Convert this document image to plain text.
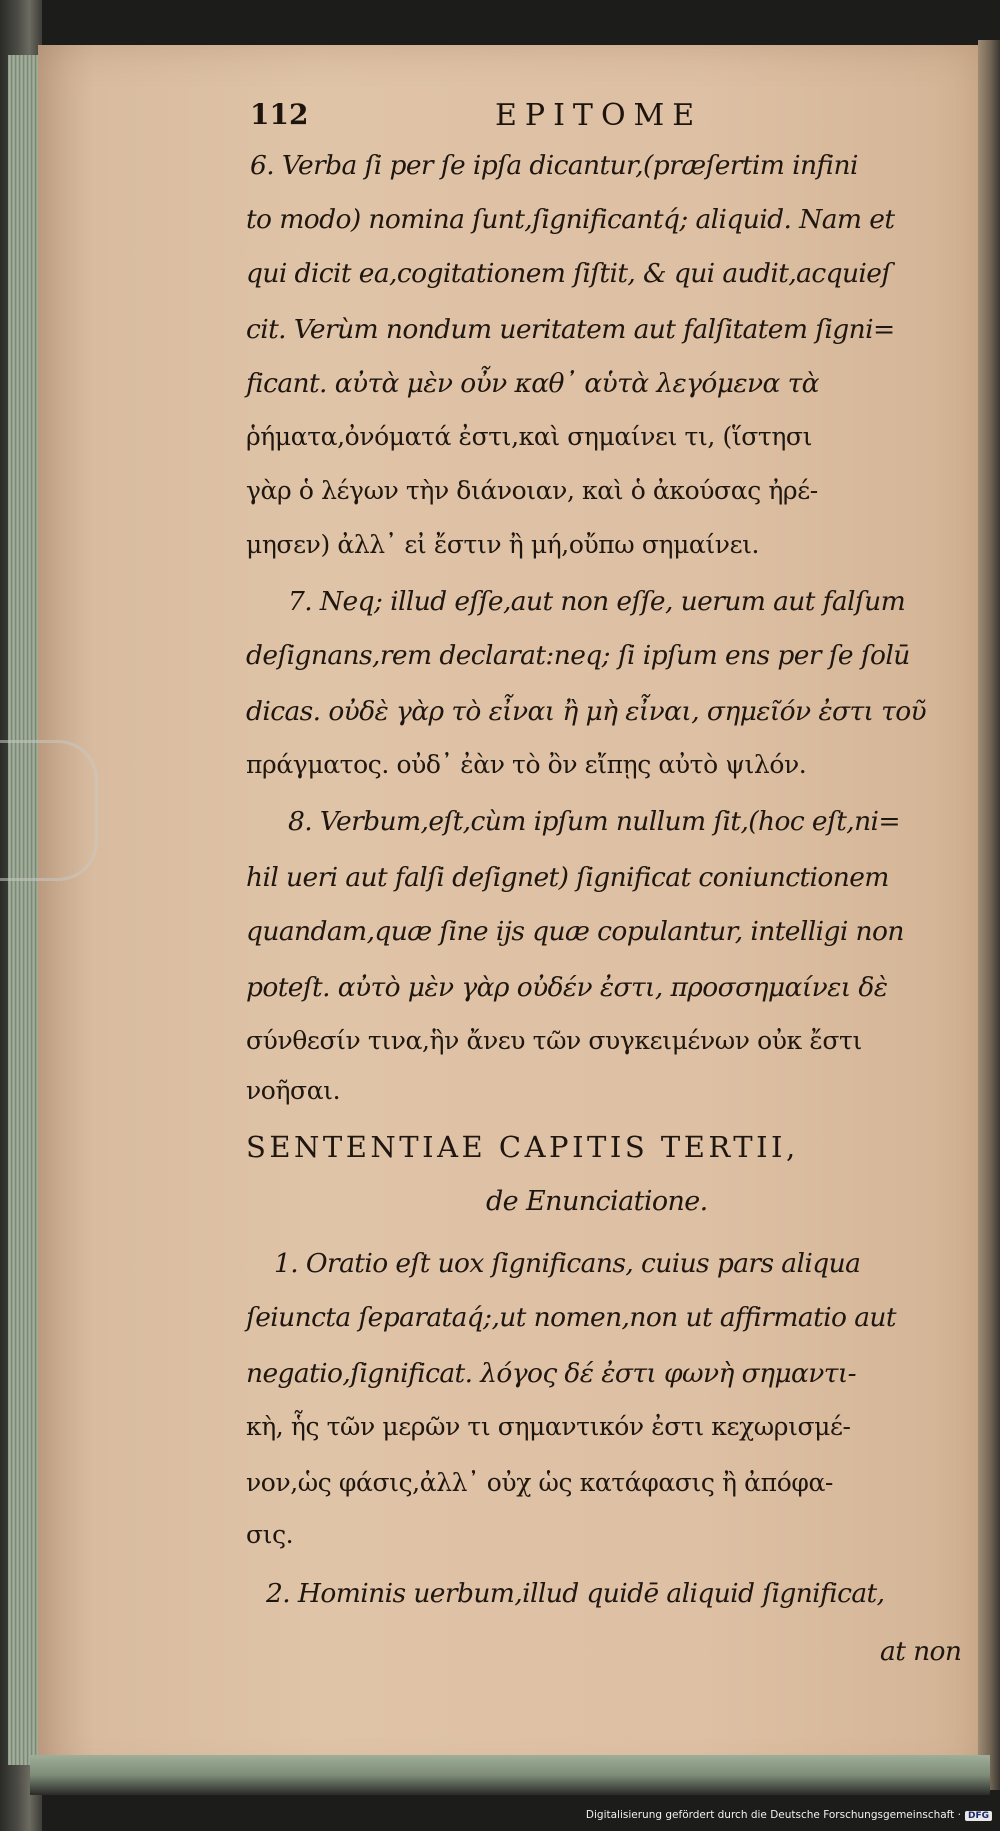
112	EPITOME
6. Verba ſi per ſe ipſa dicantur,(præſertim infini
to modo) nomina ſunt,ſignificantq́; aliquid. Nam et
qui dicit ea,cogitationem ſiſtit, & qui audit,acquieſ
cit. Verùm nondum ueritatem aut falſitatem ſigni=
ficant. αὐτὰ μὲν οὖν καθ᾽ αὑτὰ λεγόμενα τὰ
ῥήματα,ὀνόματά ἐστι,καὶ σημαίνει τι, (ἵστησι
γὰρ ὁ λέγων τὴν διάνοιαν, καὶ ὁ ἀκούσας ἠρέ-
μησεν) ἀλλ᾽ εἰ ἔστιν ἢ μή,οὔπω σημαίνει.
7. Neq; illud eſſe,aut non eſſe, uerum aut falſum
deſignans,rem declarat:neq; ſi ipſum ens per ſe ſolū
dicas. οὐδὲ γὰρ τὸ εἶναι ἢ μὴ εἶναι, σημεῖόν ἐστι τοῦ
πράγματος. οὐδ᾽ ἐὰν τὸ ὂν εἴπῃς αὐτὸ ψιλόν.
8. Verbum,eſt,cùm ipſum nullum ſit,(hoc eſt,ni=
hil ueri aut falſi deſignet) ſignificat coniunctionem
quandam,quæ ſine ijs quæ copulantur, intelligi non
poteſt. αὐτὸ μὲν γὰρ οὐδέν ἐστι, προσσημαίνει δὲ
σύνθεσίν τινα,ἣν ἄνευ τῶν συγκειμένων οὐκ ἔστι
νοῆσαι.
SENTENTIAE CAPITIS TERTII,
de Enunciatione.
1. Oratio eſt uox ſignificans, cuius pars aliqua
ſeiuncta ſeparataq́;,ut nomen,non ut affirmatio aut
negatio,ſignificat. λόγος δέ ἐστι φωνὴ σημαντι-
κὴ, ἧς τῶν μερῶν τι σημαντικόν ἐστι κεχωρισμέ-
νον,ὡς φάσις,ἀλλ᾽ οὐχ ὡς κατάφασις ἢ ἀπόφα-
σις.
2. Hominis uerbum,illud quidē aliquid ſignificat,
at non
Digitalisierung gefördert durch die Deutsche Forschungsgemeinschaft · DFG
